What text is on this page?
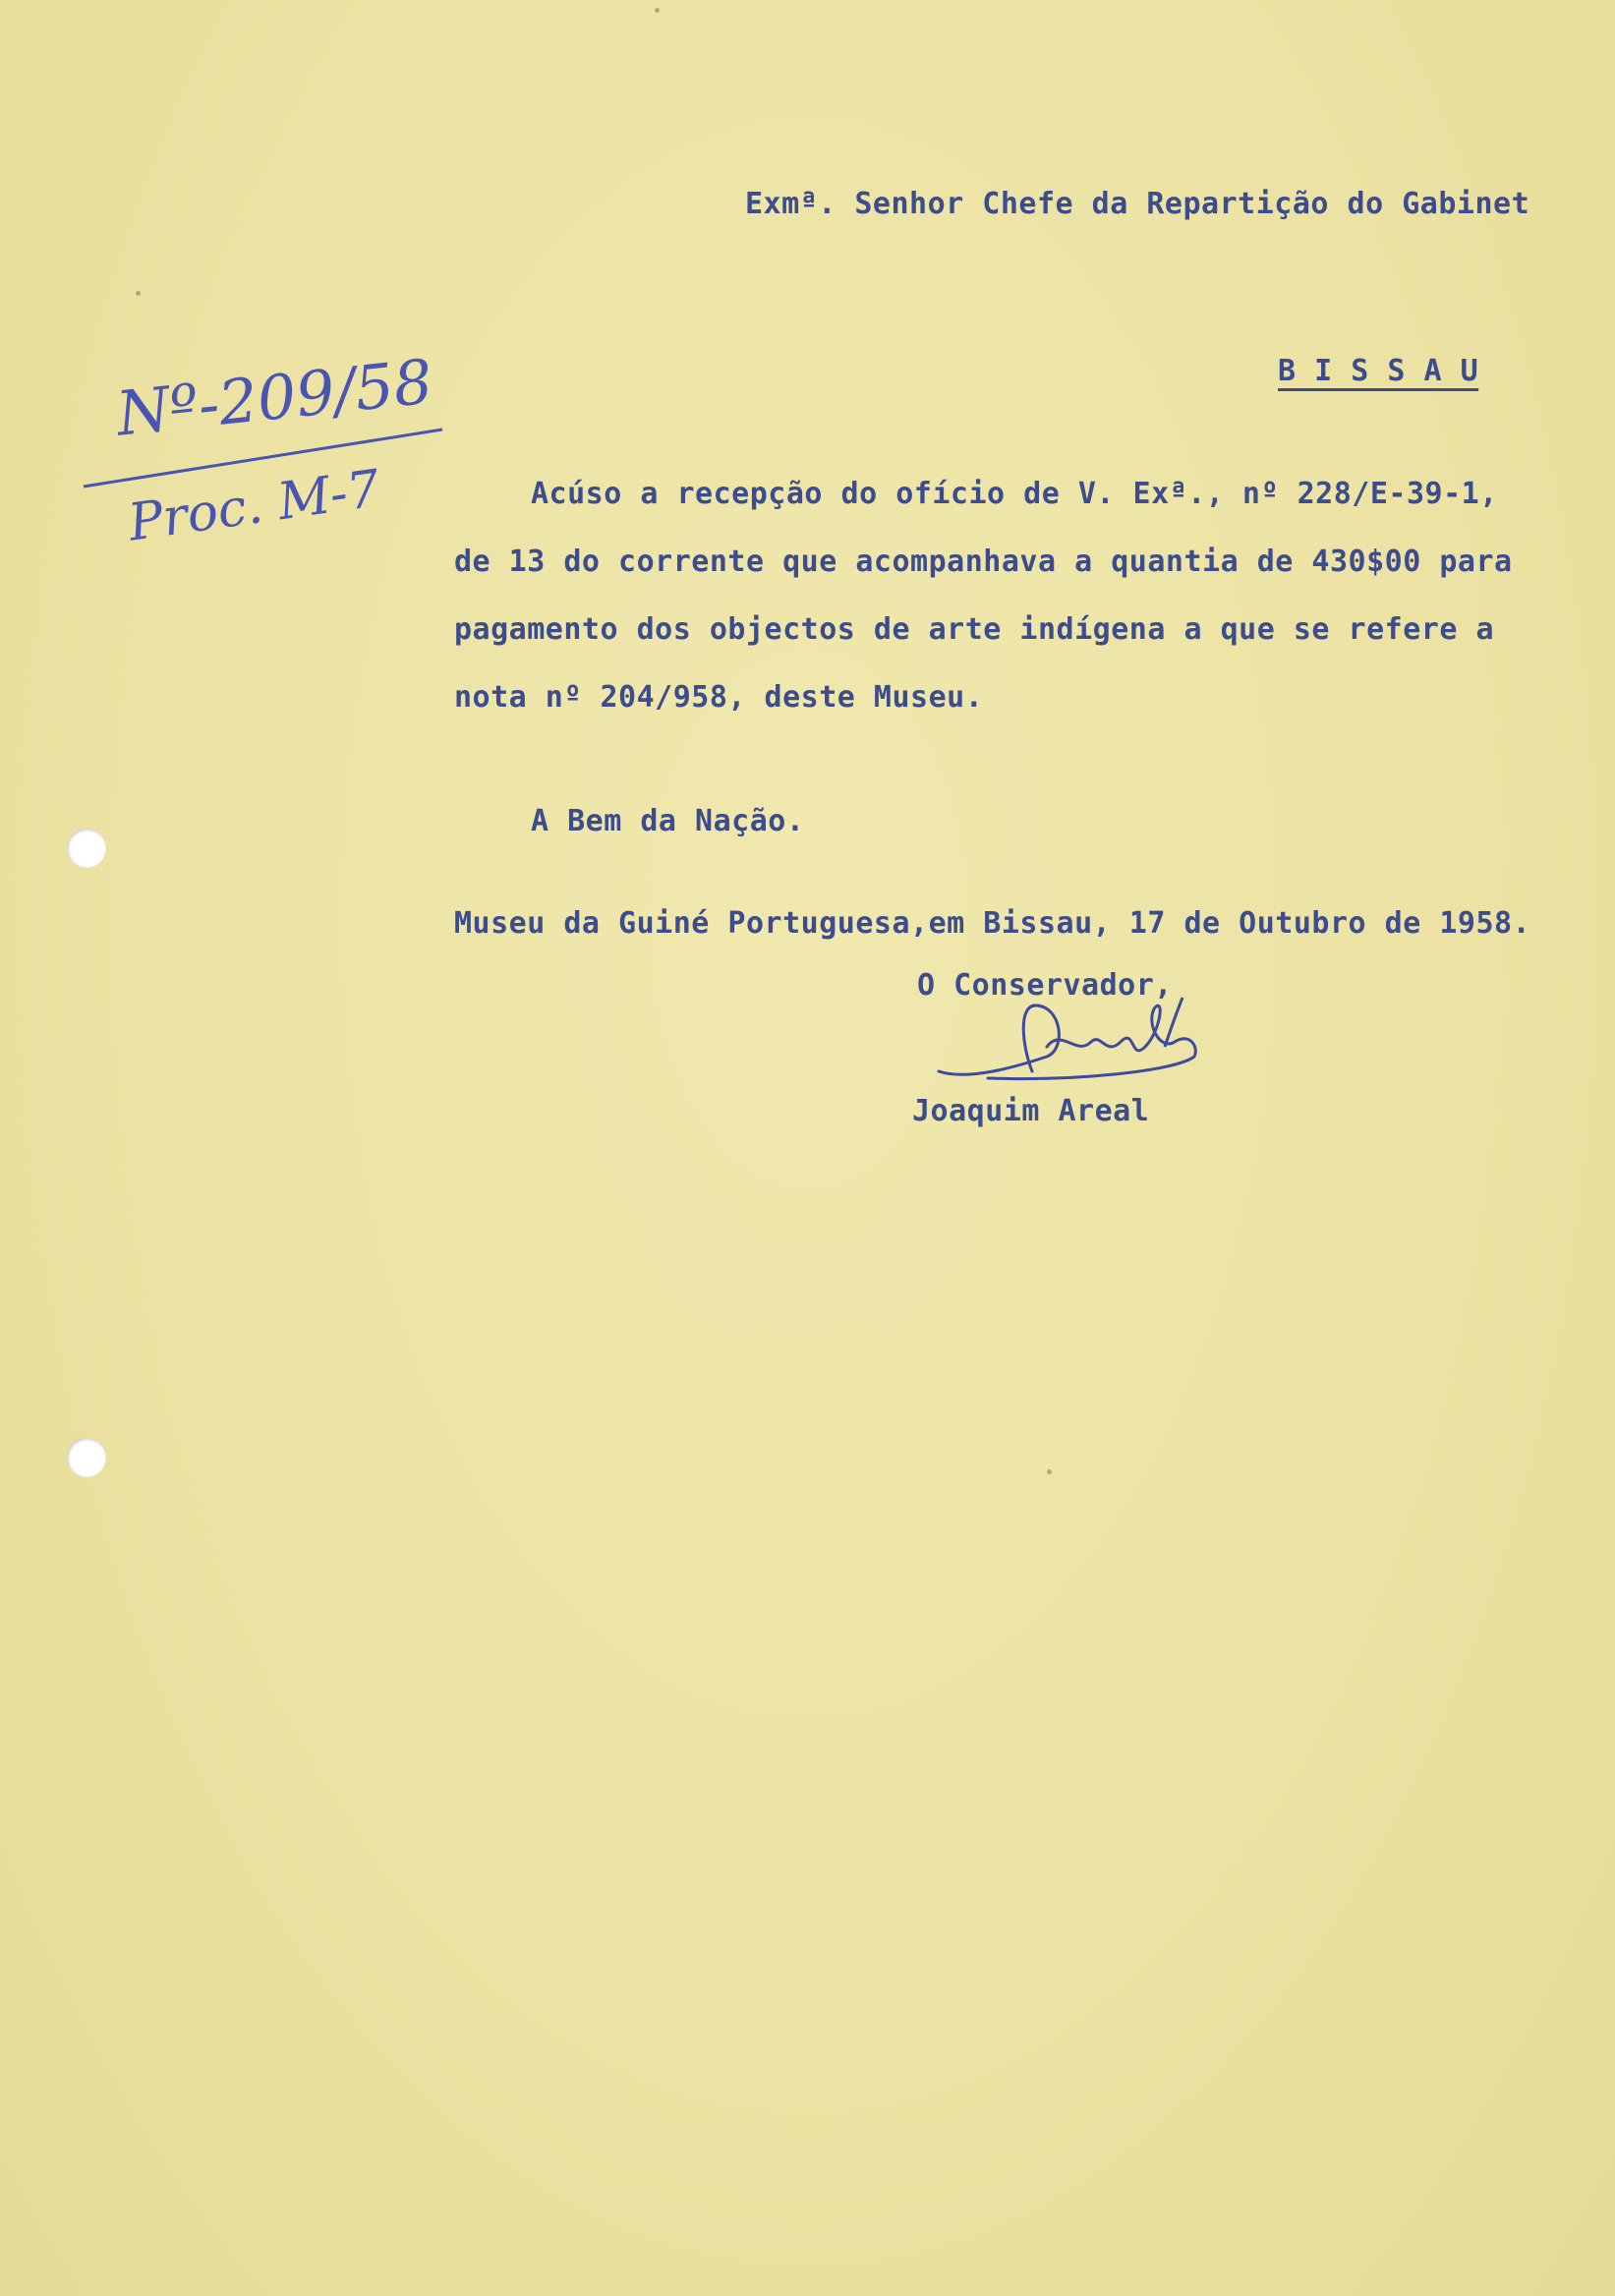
Nº-209/58
Proc. M-7
Exmª. Senhor Chefe da Repartição do Gabinet
B I S S A U
Acúso a recepção do ofício de V. Exª., nº 228/E-39-1,
de 13 do corrente que acompanhava a quantia de 430$00 para
pagamento dos objectos de arte indígena a que se refere a
nota nº 204/958, deste Museu.
A Bem da Nação.
Museu da Guiné Portuguesa,em Bissau, 17 de Outubro de 1958.
O Conservador,
Joaquim Areal
